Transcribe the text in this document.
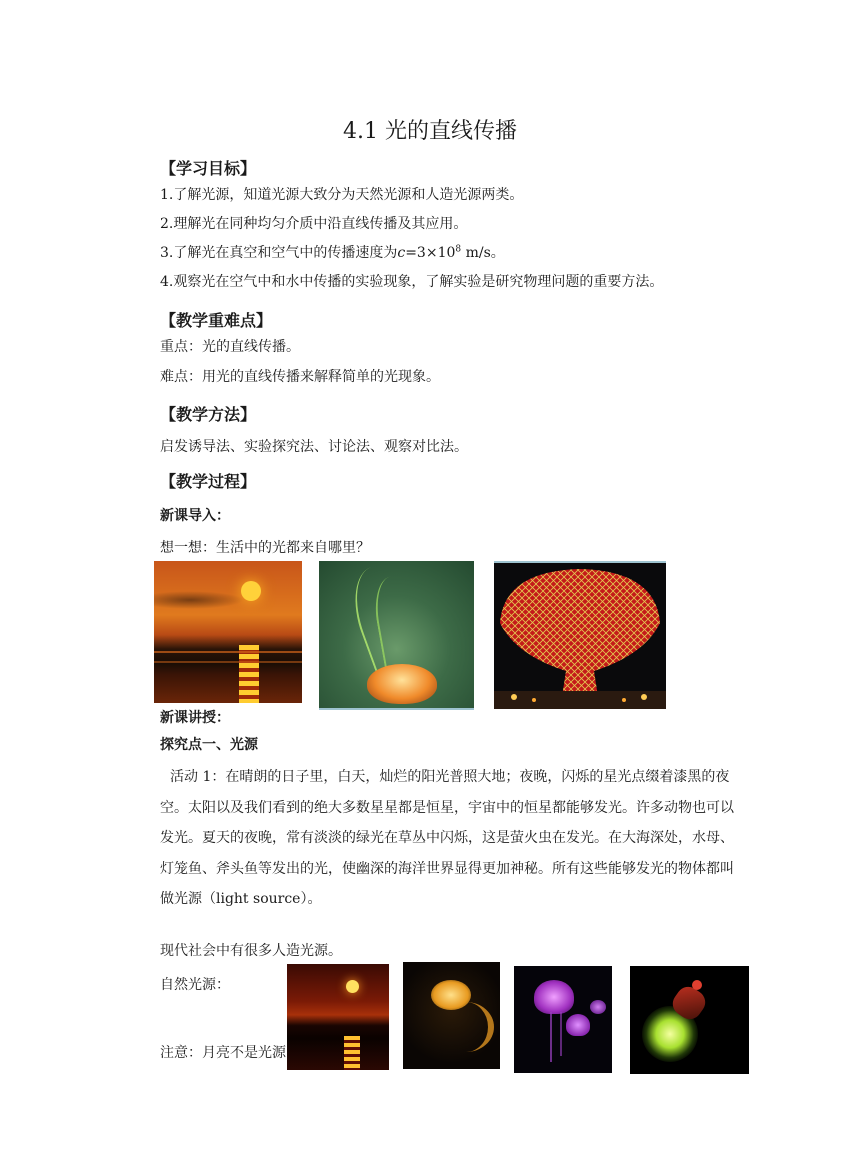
4.1 光的直线传播
【学习目标】
1.了解光源，知道光源大致分为天然光源和人造光源两类。
2.理解光在同种均匀介质中沿直线传播及其应用。
3.了解光在真空和空气中的传播速度为$c=3\times 10^8$ m/s。
4.观察光在空气中和水中传播的实验现象，了解实验是研究物理问题的重要方法。
【教学重难点】
重点：光的直线传播。
难点：用光的直线传播来解释简单的光现象。
【教学方法】
启发诱导法、实验探究法、讨论法、观察对比法。
【教学过程】
新课导入：
想一想：生活中的光都来自哪里？
新课讲授：
探究点一、光源
活动 1：在晴朗的日子里，白天，灿烂的阳光普照大地；夜晚，闪烁的星光点缀着漆黑的夜空。太阳以及我们看到的绝大多数星星都是恒星，宇宙中的恒星都能够发光。许多动物也可以发光。夏天的夜晚，常有淡淡的绿光在草丛中闪烁，这是萤火虫在发光。在大海深处，水母、灯笼鱼、斧头鱼等发出的光，使幽深的海洋世界显得更加神秘。所有这些能够发光的物体都叫做光源（light source）。
现代社会中有很多人造光源。
自然光源：
注意：月亮不是光源
